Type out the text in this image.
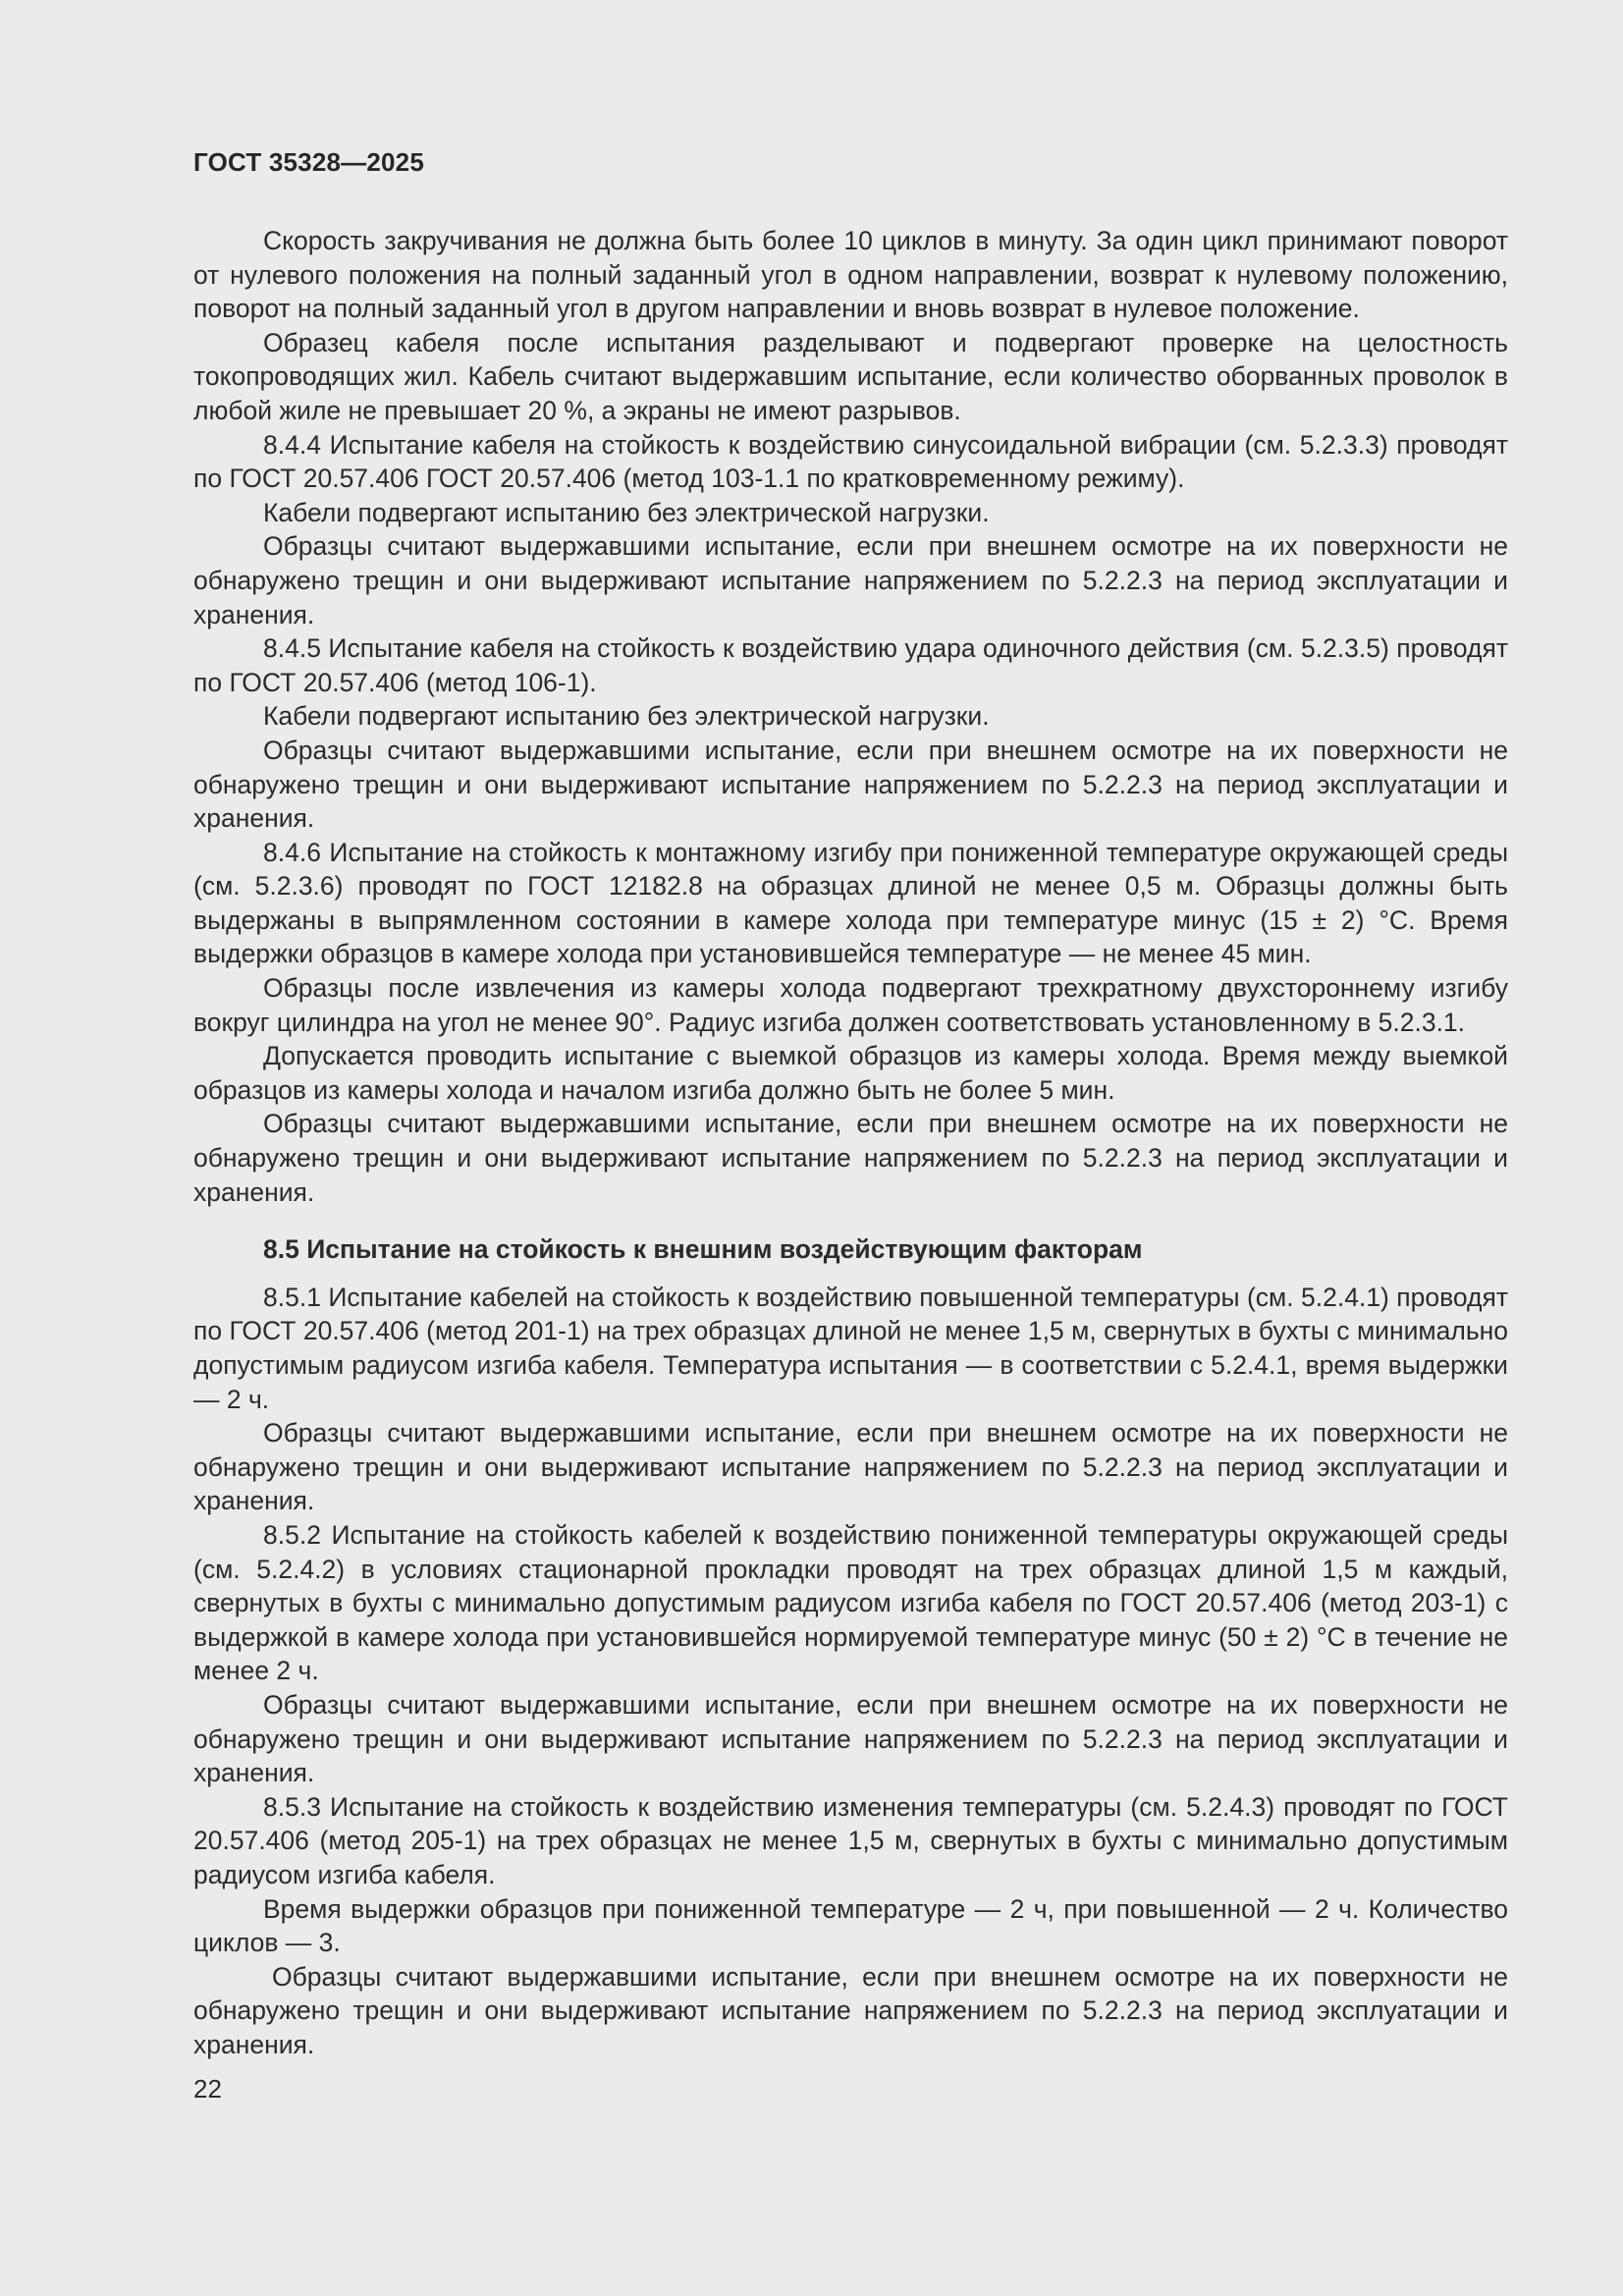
ГОСТ 35328—2025

Скорость закручивания не должна быть более 10 циклов в минуту. За один цикл принимают поворот от нулевого положения на полный заданный угол в одном направлении, возврат к нулевому положению, поворот на полный заданный угол в другом направлении и вновь возврат в нулевое положение.

Образец кабеля после испытания разделывают и подвергают проверке на целостность токопроводящих жил. Кабель считают выдержавшим испытание, если количество оборванных проволок в любой жиле не превышает 20 %, а экраны не имеют разрывов.

8.4.4 Испытание кабеля на стойкость к воздействию синусоидальной вибрации (см. 5.2.3.3) проводят по ГОСТ 20.57.406 ГОСТ 20.57.406 (метод 103-1.1 по кратковременному режиму).

Кабели подвергают испытанию без электрической нагрузки.

Образцы считают выдержавшими испытание, если при внешнем осмотре на их поверхности не обнаружено трещин и они выдерживают испытание напряжением по 5.2.2.3 на период эксплуатации и хранения.

8.4.5 Испытание кабеля на стойкость к воздействию удара одиночного действия (см. 5.2.3.5) проводят по ГОСТ 20.57.406 (метод 106-1).

Кабели подвергают испытанию без электрической нагрузки.

Образцы считают выдержавшими испытание, если при внешнем осмотре на их поверхности не обнаружено трещин и они выдерживают испытание напряжением по 5.2.2.3 на период эксплуатации и хранения.

8.4.6 Испытание на стойкость к монтажному изгибу при пониженной температуре окружающей среды (см. 5.2.3.6) проводят по ГОСТ 12182.8 на образцах длиной не менее 0,5 м. Образцы должны быть выдержаны в выпрямленном состоянии в камере холода при температуре минус (15 ± 2) °С. Время выдержки образцов в камере холода при установившейся температуре — не менее 45 мин.

Образцы после извлечения из камеры холода подвергают трехкратному двухстороннему изгибу вокруг цилиндра на угол не менее 90°. Радиус изгиба должен соответствовать установленному в 5.2.3.1.

Допускается проводить испытание с выемкой образцов из камеры холода. Время между выемкой образцов из камеры холода и началом изгиба должно быть не более 5 мин.

Образцы считают выдержавшими испытание, если при внешнем осмотре на их поверхности не обнаружено трещин и они выдерживают испытание напряжением по 5.2.2.3 на период эксплуатации и хранения.

8.5 Испытание на стойкость к внешним воздействующим факторам

8.5.1 Испытание кабелей на стойкость к воздействию повышенной температуры (см. 5.2.4.1) проводят по ГОСТ 20.57.406 (метод 201-1) на трех образцах длиной не менее 1,5 м, свернутых в бухты с минимально допустимым радиусом изгиба кабеля. Температура испытания — в соответствии с 5.2.4.1, время выдержки — 2 ч.

Образцы считают выдержавшими испытание, если при внешнем осмотре на их поверхности не обнаружено трещин и они выдерживают испытание напряжением по 5.2.2.3 на период эксплуатации и хранения.

8.5.2 Испытание на стойкость кабелей к воздействию пониженной температуры окружающей среды (см. 5.2.4.2) в условиях стационарной прокладки проводят на трех образцах длиной 1,5 м каждый, свернутых в бухты с минимально допустимым радиусом изгиба кабеля по ГОСТ 20.57.406 (метод 203-1) с выдержкой в камере холода при установившейся нормируемой температуре минус (50 ± 2) °С в течение не менее 2 ч.

Образцы считают выдержавшими испытание, если при внешнем осмотре на их поверхности не обнаружено трещин и они выдерживают испытание напряжением по 5.2.2.3 на период эксплуатации и хранения.

8.5.3 Испытание на стойкость к воздействию изменения температуры (см. 5.2.4.3) проводят по ГОСТ 20.57.406 (метод 205-1) на трех образцах не менее 1,5 м, свернутых в бухты с минимально допустимым радиусом изгиба кабеля.

Время выдержки образцов при пониженной температуре — 2 ч, при повышенной — 2 ч. Количество циклов — 3.

Образцы считают выдержавшими испытание, если при внешнем осмотре на их поверхности не обнаружено трещин и они выдерживают испытание напряжением по 5.2.2.3 на период эксплуатации и хранения.

22
